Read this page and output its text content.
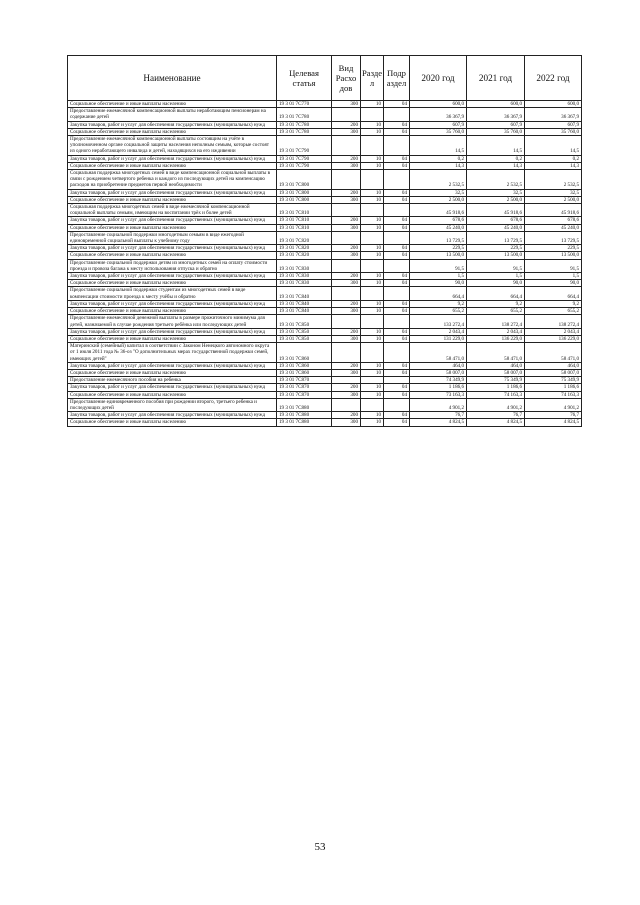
Наименование	Целевая статья	Вид Расхо дов	Разде л	Подр аздел	2020 год	2021 год	2022 год
Социальное обеспечение и иные выплаты населению	19 3 01 7С770	300	10	04	600,0	600,0	600,0
Предоставление ежемесячной компенсационной выплаты неработающим пенсионерам на содержание детей	19 3 01 7С780				36 367,9	36 367,9	36 367,9
Закупка товаров, работ и услуг для обеспечения государственных (муниципальных) нужд	19 3 01 7С780	200	10	04	607,9	607,9	607,9
Социальное обеспечение и иные выплаты населению	19 3 01 7С780	300	10	04	35 760,0	35 760,0	35 760,0
Предоставление ежемесячной компенсационной выплаты состоящим на учёте в уполномоченном органе социальной защиты населения неполным семьям, которые состоят из одного неработающего инвалида и детей, находящихся на его иждивении	19 3 01 7С790				14,5	14,5	14,5
Закупка товаров, работ и услуг для обеспечения государственных (муниципальных) нужд	19 3 01 7С790	200	10	04	0,2	0,2	0,2
Социальное обеспечение и иные выплаты населению	19 3 01 7С790	300	10	04	14,3	14,3	14,3
Социальная поддержка многодетных семей в виде компенсационной социальной выплаты в связи с рождением четвертого ребенка и каждого из последующих детей на компенсацию расходов на приобретение предметов первой необходимости	19 3 01 7С800				2 532,5	2 532,5	2 532,5
Закупка товаров, работ и услуг для обеспечения государственных (муниципальных) нужд	19 3 01 7С800	200	10	04	32,5	32,5	32,5
Социальное обеспечение и иные выплаты населению	19 3 01 7С800	300	10	04	2 500,0	2 500,0	2 500,0
Социальная поддержка многодетных семей в виде ежемесячной компенсационной социальной выплаты семьям, имеющим на воспитании трёх и более детей	19 3 01 7С810				45 918,6	45 918,6	45 918,6
Закупка товаров, работ и услуг для обеспечения государственных (муниципальных) нужд	19 3 01 7С810	200	10	04	678,6	678,6	678,6
Социальное обеспечение и иные выплаты населению	19 3 01 7С810	300	10	04	45 240,0	45 240,0	45 240,0
Предоставление социальной поддержки многодетным семьям в виде ежегодной единовременной социальной выплаты к учебному году	19 3 01 7С820				13 729,5	13 729,5	13 729,5
Закупка товаров, работ и услуг для обеспечения государственных (муниципальных) нужд	19 3 01 7С820	200	10	04	229,5	229,5	229,5
Социальное обеспечение и иные выплаты населению	19 3 01 7С820	300	10	04	13 500,0	13 500,0	13 500,0
Предоставление социальной поддержки детям из многодетных семей на оплату стоимости проезда и провоза багажа к месту использования отпуска и обратно	19 3 01 7С830				91,5	91,5	91,5
Закупка товаров, работ и услуг для обеспечения государственных (муниципальных) нужд	19 3 01 7С830	200	10	04	1,5	1,5	1,5
Социальное обеспечение и иные выплаты населению	19 3 01 7С830	300	10	04	90,0	90,0	90,0
Предоставление социальной поддержки студентам из многодетных семей в виде компенсации стоимости проезда к месту учёбы и обратно	19 3 01 7С840				664,4	664,4	664,4
Закупка товаров, работ и услуг для обеспечения государственных (муниципальных) нужд	19 3 01 7С840	200	10	04	9,2	9,2	9,2
Социальное обеспечение и иные выплаты населению	19 3 01 7С840	300	10	04	655,2	655,2	655,2
Предоставление ежемесячной денежной выплаты в размере прожиточного минимума для детей, назначаемой в случае рождения третьего ребёнка или последующих детей	19 3 01 7С850				133 272,4	138 272,4	138 272,4
Закупка товаров, работ и услуг для обеспечения государственных (муниципальных) нужд	19 3 01 7С850	200	10	04	2 043,4	2 043,4	2 043,4
Социальное обеспечение и иные выплаты населению	19 3 01 7С850	300	10	04	131 229,0	136 229,0	136 229,0
Материнский (семейный) капитал в соответствии с Законом Ненецкого автономного округа от 1 июля 2011 года № 36-оз "О дополнительных мерах государственной поддержки семей, имеющих детей"	19 3 01 7С860				58 471,0	58 471,0	58 471,0
Закупка товаров, работ и услуг для обеспечения государственных (муниципальных) нужд	19 3 01 7С860	200	10	04	464,0	464,0	464,0
Социальное обеспечение и иные выплаты населению	19 3 01 7С860	300	10	04	58 007,0	58 007,0	58 007,0
Предоставление ежемесячного пособия на ребенка	19 3 01 7С870				74 349,9	75 349,9	75 349,9
Закупка товаров, работ и услуг для обеспечения государственных (муниципальных) нужд	19 3 01 7С870	200	10	04	1 186,6	1 186,6	1 186,6
Социальное обеспечение и иные выплаты населению	19 3 01 7С870	300	10	04	73 163,3	74 163,3	74 163,3
Предоставление единовременного пособия при рождении второго, третьего ребенка и последующих детей	19 3 01 7С880				4 901,2	4 901,2	4 901,2
Закупка товаров, работ и услуг для обеспечения государственных (муниципальных) нужд	19 3 01 7С880	200	10	04	76,7	76,7	76,7
Социальное обеспечение и иные выплаты населению	19 3 01 7С880	300	10	04	4 824,5	4 824,5	4 824,5
53
